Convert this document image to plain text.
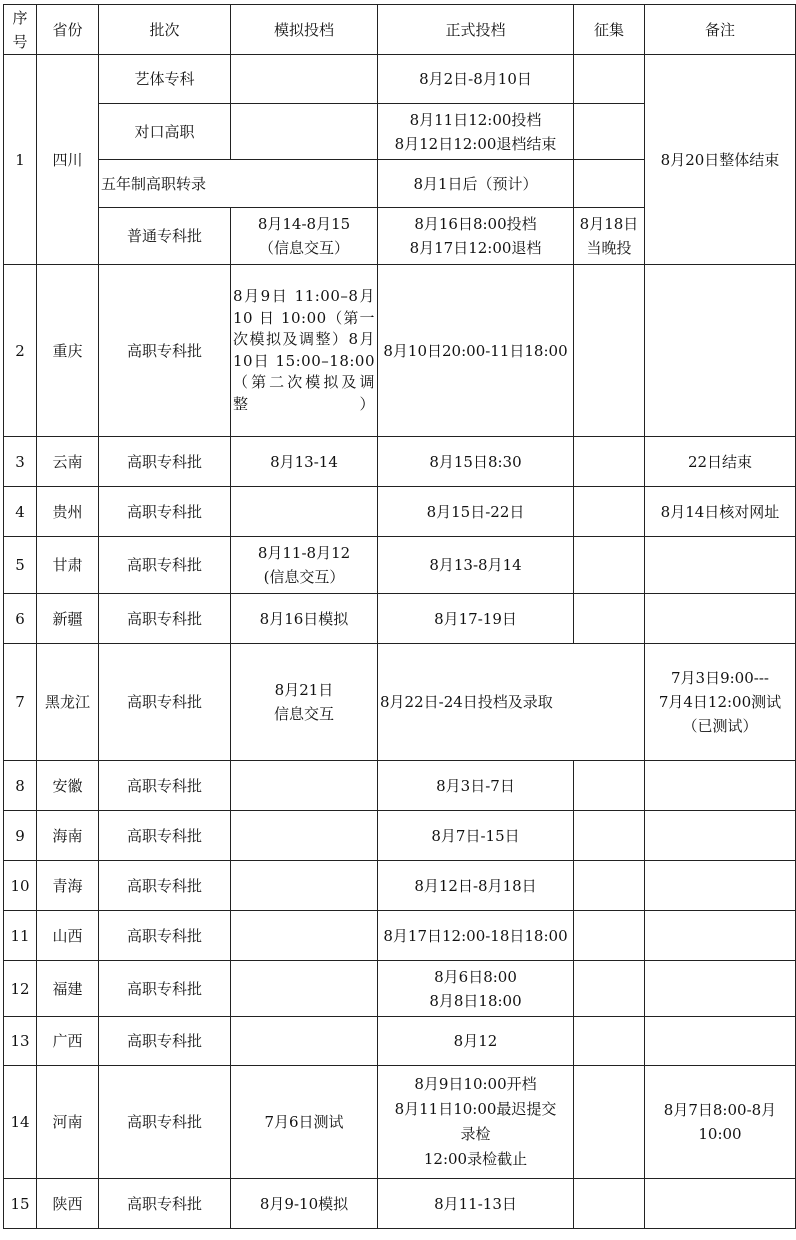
序号	省份	批次	模拟投档	正式投档	征集	备注
1	四川	艺体专科		8月2日-8月10日		8月20日整体结束
		对口高职		8月11日12:00投档
8月12日12:00退档结束		

		五年制高职转录		8月1日后（预计）		
		普通专科批	8月14-8月15
（信息交互）	8月16日8:00投档
8月17日12:00退档	8月18日
当晚投	

2	重庆	高职专科批	8月9日 11:00–8月 10 日 10:00（第一次模拟及调整）8月10日 15:00–18:00（第二次模拟及调整）	8月10日20:00-11日18:00		
3	云南	高职专科批	8月13-14	8月15日8:30		22日结束
4	贵州	高职专科批		8月15日-22日		8月14日核对网址
5	甘肃	高职专科批	8月11-8月12
(信息交互）	8月13-8月14		
6	新疆	高职专科批	8月16日模拟	8月17-19日		
7	黑龙江	高职专科批	8月21日
信息交互	8月22日-24日投档及录取		7月3日9:00---
7月4日12:00测试
（已测试）

8	安徽	高职专科批		8月3日-7日		
9	海南	高职专科批		8月7日-15日		
10	青海	高职专科批		8月12日-8月18日		
11	山西	高职专科批		8月17日12:00-18日18:00		
12	福建	高职专科批		8月6日8:00
8月8日18:00		

13	广西	高职专科批		8月12		
14	河南	高职专科批	7月6日测试	8月9日10:00开档
8月11日10:00最迟提交
录检
12:00录检截止		8月7日8:00-8月
10:00

15	陕西	高职专科批	8月9-10模拟	8月11-13日		
